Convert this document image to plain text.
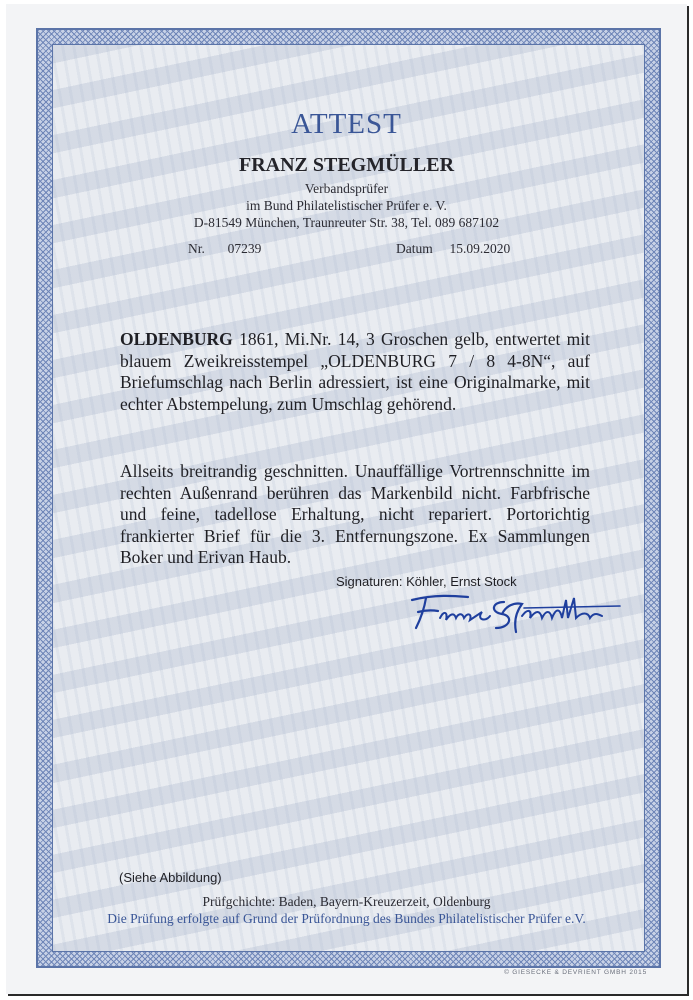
ATTEST
FRANZ STEGMÜLLER
Verbandsprüfer
im Bund Philatelistischer Prüfer e. V.
D-81549 München, Traunreuter Str. 38, Tel. 089 687102
Nr. 07239	Datum 15.09.2020
OLDENBURG 1861, Mi.Nr. 14, 3 Groschen gelb, entwertet mit blauem Zweikreisstempel „OLDENBURG 7 / 8 4-8N“, auf Briefumschlag nach Berlin adressiert, ist eine Originalmarke, mit echter Abstempelung, zum Umschlag gehörend.
Allseits breitrandig geschnitten. Unauffällige Vortrennschnitte im rechten Außenrand berühren das Markenbild nicht. Farbfrische und feine, tadellose Erhaltung, nicht repariert. Portorichtig frankierter Brief für die 3. Entfernungszone. Ex Sammlungen Boker und Erivan Haub.
Signaturen: Köhler, Ernst Stock
(Siehe Abbildung)
Prüfgchichte: Baden, Bayern-Kreuzerzeit, Oldenburg
Die Prüfung erfolgte auf Grund der Prüfordnung des Bundes Philatelistischer Prüfer e.V.
© GIESECKE & DEVRIENT GMBH 2015
